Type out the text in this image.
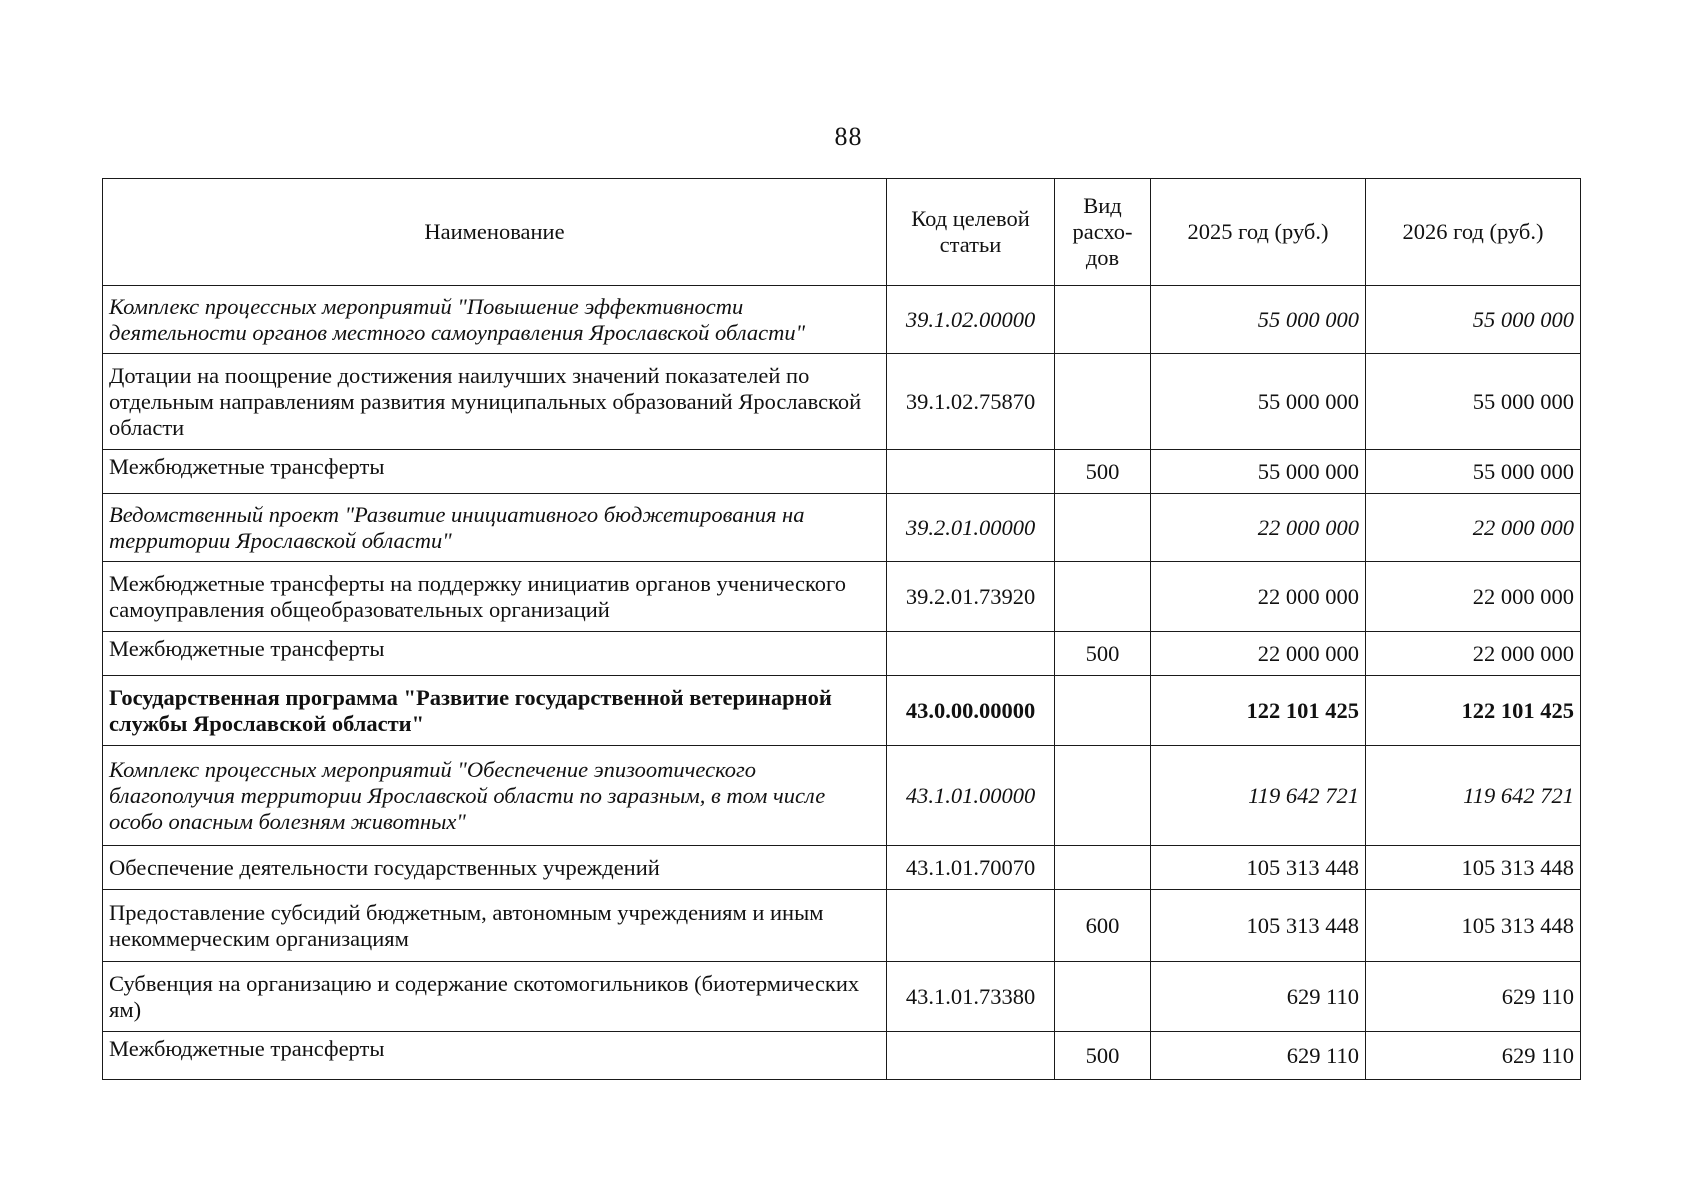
88
Наименование	Код целевой статьи	Вид расхо-дов	2025 год (руб.)	2026 год (руб.)
Комплекс процессных мероприятий "Повышение эффективности деятельности органов местного самоуправления Ярославской области"	39.1.02.00000		55 000 000	55 000 000
Дотации на поощрение достижения наилучших значений показателей по отдельным направлениям развития муниципальных образований Ярославской области	39.1.02.75870		55 000 000	55 000 000
Межбюджетные трансферты		500	55 000 000	55 000 000
Ведомственный проект "Развитие инициативного бюджетирования на территории Ярославской области"	39.2.01.00000		22 000 000	22 000 000
Межбюджетные трансферты на поддержку инициатив органов ученического самоуправления общеобразовательных организаций	39.2.01.73920		22 000 000	22 000 000
Межбюджетные трансферты		500	22 000 000	22 000 000
Государственная программа "Развитие государственной ветеринарной службы Ярославской области"	43.0.00.00000		122 101 425	122 101 425
Комплекс процессных мероприятий "Обеспечение эпизоотического благополучия территории Ярославской области по заразным, в том числе особо опасным болезням животных"	43.1.01.00000		119 642 721	119 642 721
Обеспечение деятельности государственных учреждений	43.1.01.70070		105 313 448	105 313 448
Предоставление субсидий бюджетным, автономным учреждениям и иным некоммерческим организациям		600	105 313 448	105 313 448
Субвенция на организацию и содержание скотомогильников (биотермических ям)	43.1.01.73380		629 110	629 110
Межбюджетные трансферты		500	629 110	629 110
